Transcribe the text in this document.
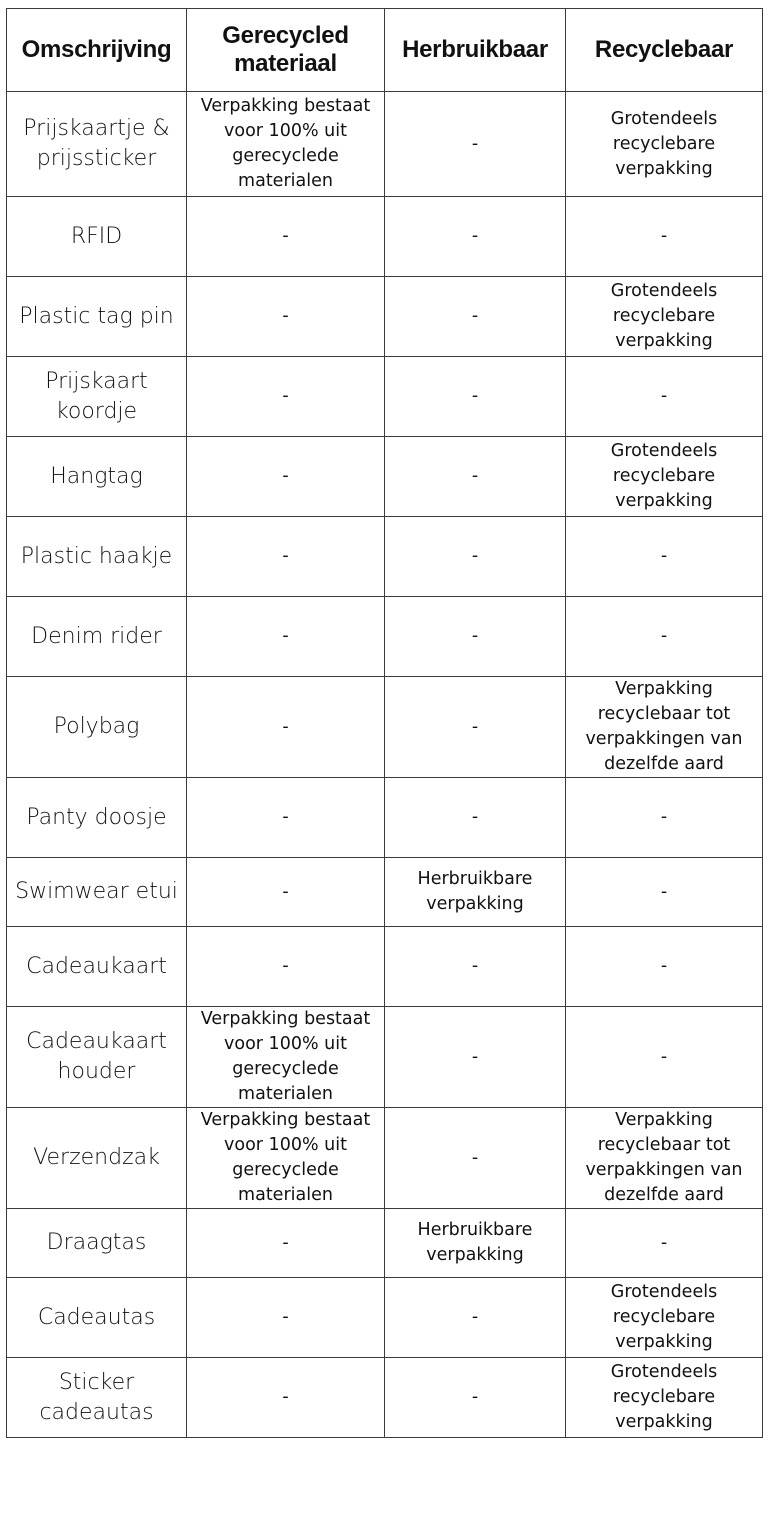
Omschrijving	Gerecycled materiaal	Herbruikbaar	Recyclebaar
Prijskaartje & prijssticker	Verpakking bestaat voor 100% uit gerecyclede materialen	-	Grotendeels recyclebare verpakking
RFID	-	-	-
Plastic tag pin	-	-	Grotendeels recyclebare verpakking
Prijskaart koordje	-	-	-
Hangtag	-	-	Grotendeels recyclebare verpakking
Plastic haakje	-	-	-
Denim rider	-	-	-
Polybag	-	-	Verpakking recyclebaar tot verpakkingen van dezelfde aard
Panty doosje	-	-	-
Swimwear etui	-	Herbruikbare verpakking	-
Cadeaukaart	-	-	-
Cadeaukaart houder	Verpakking bestaat voor 100% uit gerecyclede materialen	-	-
Verzendzak	Verpakking bestaat voor 100% uit gerecyclede materialen	-	Verpakking recyclebaar tot verpakkingen van dezelfde aard
Draagtas	-	Herbruikbare verpakking	-
Cadeautas	-	-	Grotendeels recyclebare verpakking
Sticker cadeautas	-	-	Grotendeels recyclebare verpakking
